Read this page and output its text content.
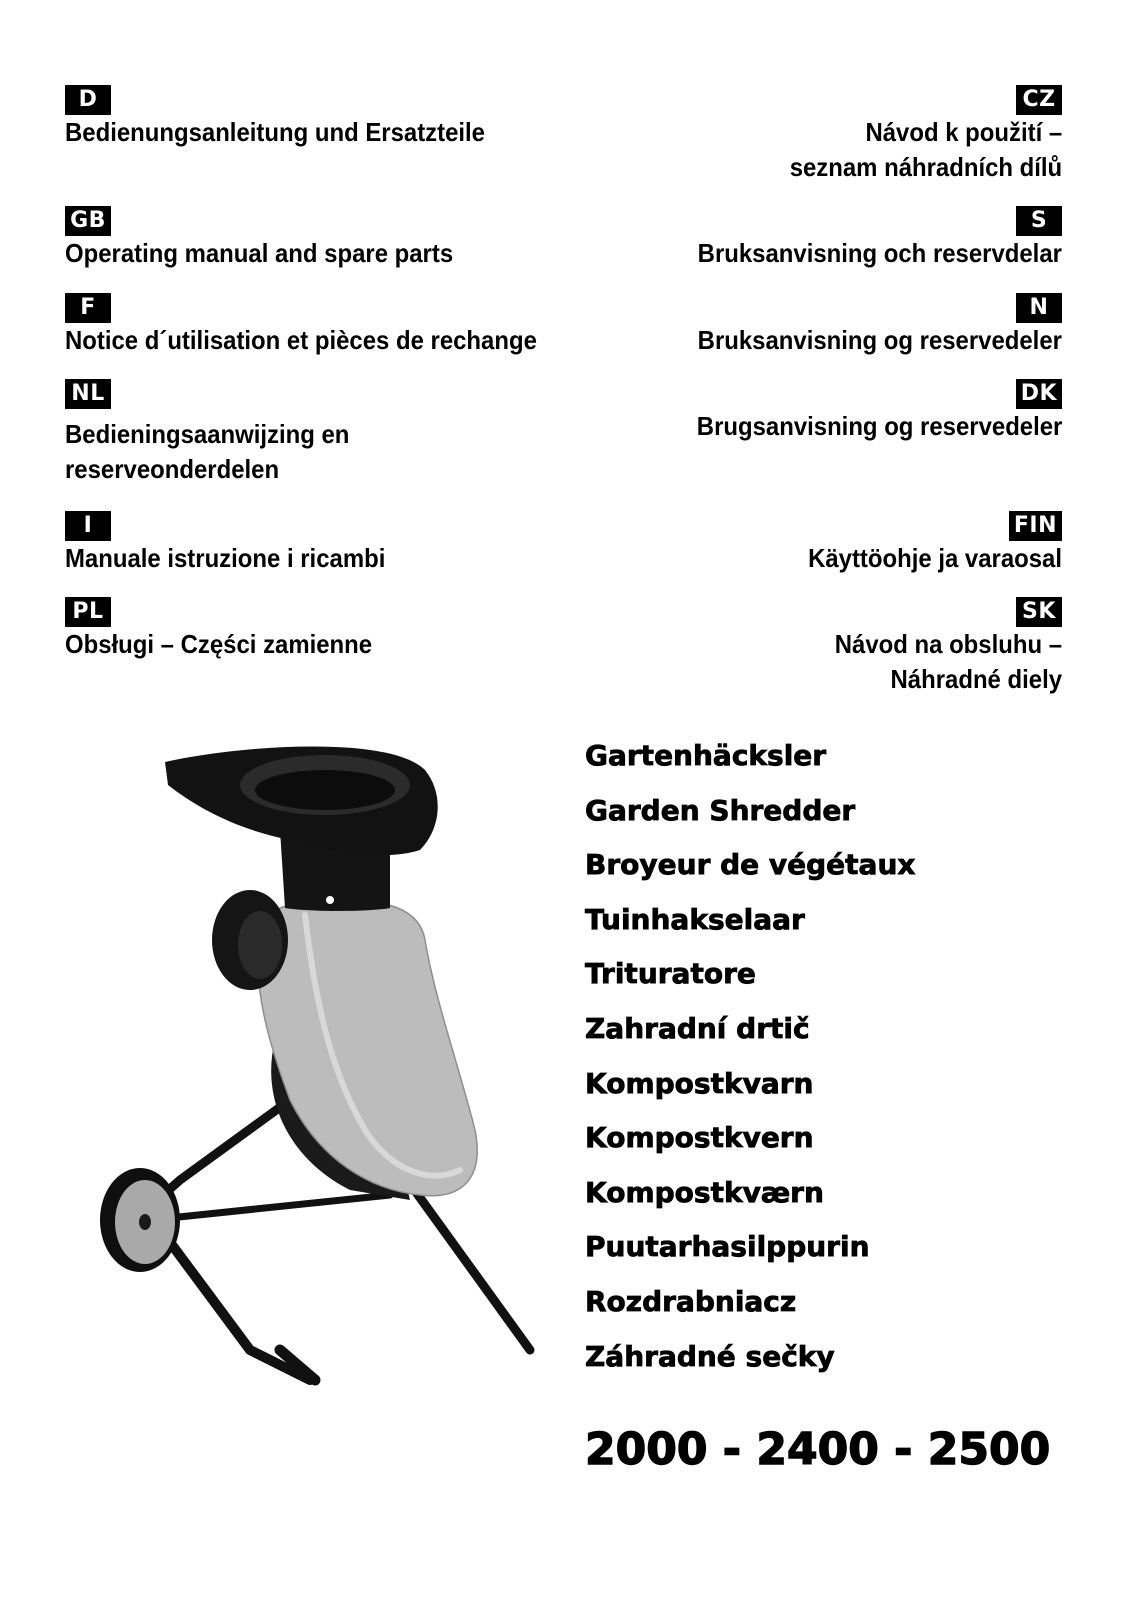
D
Bedienungsanleitung und Ersatzteile
GB
Operating manual and spare parts
F
Notice d´utilisation et pièces de rechange
NL
Bedieningsaanwijzing en
reserveonderdelen
I
Manuale istruzione i ricambi
PL
Obsługi – Części zamienne
CZ
Návod k použití –
seznam náhradních dílů
S
Bruksanvisning och reservdelar
N
Bruksanvisning og reservedeler
DK
Brugsanvisning og reservedeler
FIN
Käyttöohje ja varaosal
SK
Návod na obsluhu –
Náhradné diely
Gartenhäcksler
Garden Shredder
Broyeur de végétaux
Tuinhakselaar
Trituratore
Zahradní drtič
Kompostkvarn
Kompostkvern
Kompostkværn
Puutarhasilppurin
Rozdrabniacz
Záhradné sečky
2000 - 2400 - 2500
